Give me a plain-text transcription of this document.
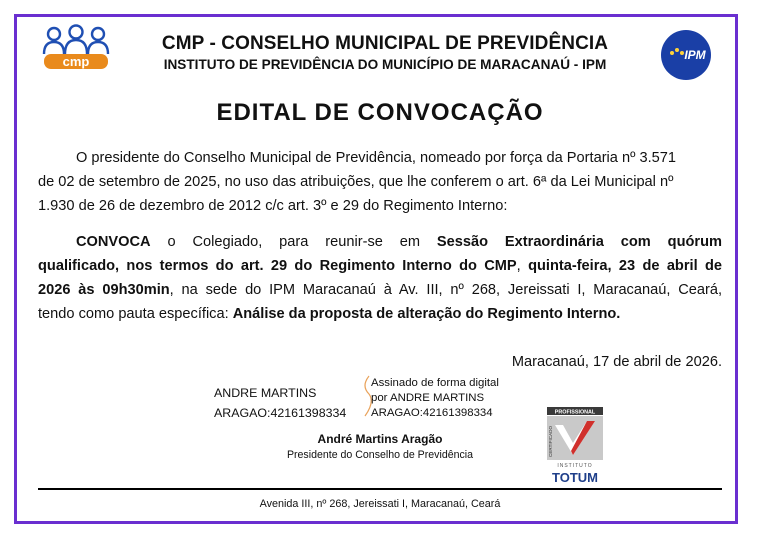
cmp
CMP - CONSELHO MUNICIPAL DE PREVIDÊNCIA
INSTITUTO DE PREVIDÊNCIA DO MUNICÍPIO DE MARACANAÚ - IPM
IPM
EDITAL DE CONVOCAÇÃO
O presidente do Conselho Municipal de Previdência, nomeado por força da Portaria nº 3.571
de 02 de setembro de 2025, no uso das atribuições, que lhe conferem o art. 6ª da Lei Municipal nº
1.930 de 26 de dezembro de 2012 c/c art. 3º e 29 do Regimento Interno:
CONVOCA o Colegiado, para reunir-se em Sessão Extraordinária com quórum
qualificado, nos termos do art. 29 do Regimento Interno do CMP, quinta-feira, 23 de abril de
2026 às 09h30min, na sede do IPM Maracanaú à Av. III, nº 268, Jereissati I, Maracanaú, Ceará,
tendo como pauta específica: Análise da proposta de alteração do Regimento Interno.
Maracanaú, 17 de abril de 2026.
ANDRE MARTINS
ARAGAO:42161398334
Assinado de forma digital
por ANDRE MARTINS
ARAGAO:42161398334
André Martins Aragão
Presidente do Conselho de Previdência
PROFISSIONAL
CERTIFICADO
INSTITUTO
TOTUM
Avenida III, nº 268, Jereissati I, Maracanaú, Ceará
